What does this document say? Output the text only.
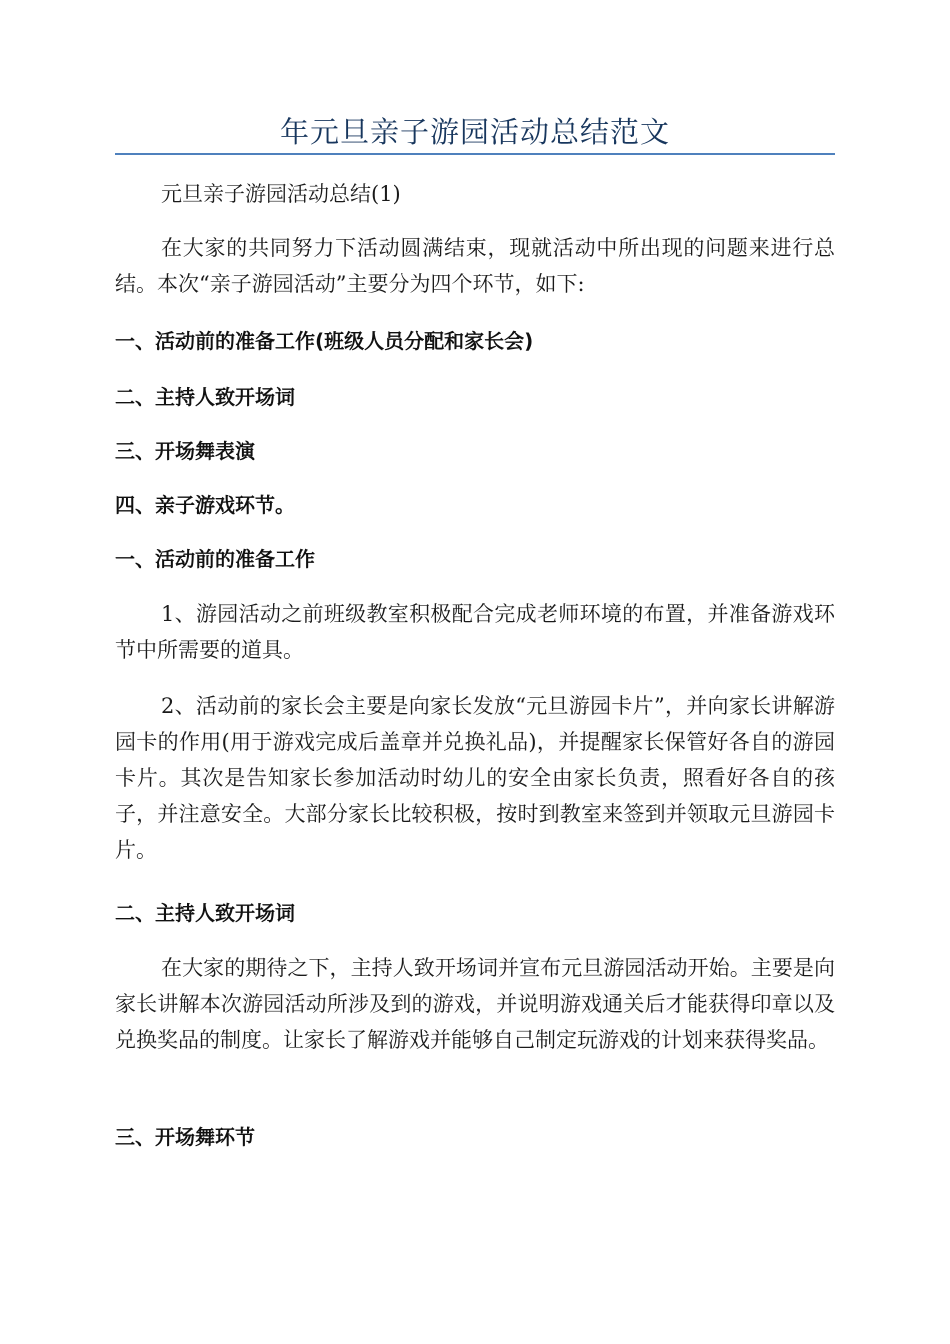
年元旦亲子游园活动总结范文

元旦亲子游园活动总结(1)

在大家的共同努力下活动圆满结束，现就活动中所出现的问题来进行总结。本次“亲子游园活动”主要分为四个环节，如下:

一、活动前的准备工作(班级人员分配和家长会)

二、主持人致开场词

三、开场舞表演

四、亲子游戏环节。

一、活动前的准备工作

1、游园活动之前班级教室积极配合完成老师环境的布置，并准备游戏环节中所需要的道具。

2、活动前的家长会主要是向家长发放“元旦游园卡片”，并向家长讲解游园卡的作用(用于游戏完成后盖章并兑换礼品)，并提醒家长保管好各自的游园卡片。其次是告知家长参加活动时幼儿的安全由家长负责，照看好各自的孩子，并注意安全。大部分家长比较积极，按时到教室来签到并领取元旦游园卡片。

二、主持人致开场词

在大家的期待之下，主持人致开场词并宣布元旦游园活动开始。主要是向家长讲解本次游园活动所涉及到的游戏，并说明游戏通关后才能获得印章以及兑换奖品的制度。让家长了解游戏并能够自己制定玩游戏的计划来获得奖品。

三、开场舞环节
